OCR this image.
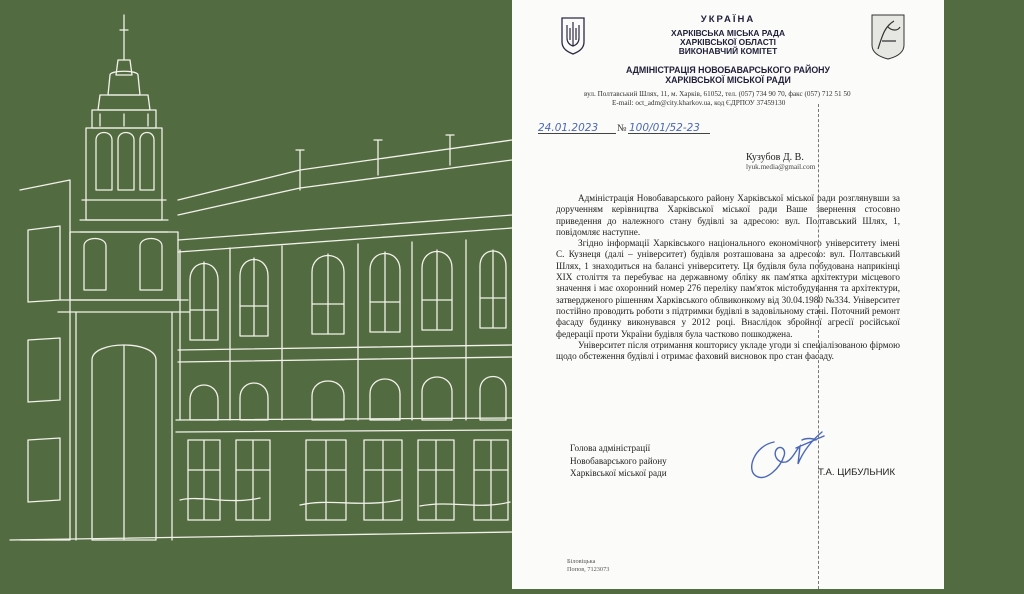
УКРАЇНА
ХАРКІВСЬКА МІСЬКА РАДА
ХАРКІВСЬКОЇ ОБЛАСТІ
ВИКОНАВЧИЙ КОМІТЕТ
АДМІНІСТРАЦІЯ НОВОБАВАРСЬКОГО РАЙОНУ
ХАРКІВСЬКОЇ МІСЬКОЇ РАДИ
вул. Полтавський Шлях, 11, м. Харків, 61052, тел. (057) 734 90 70, факс (057) 712 51 50
E-mail: oct_adm@city.kharkov.ua, код ЄДРПОУ 37459130
24.01.2023 № 100/01/52-23
Кузубов Д. В.
lyuk.media@gmail.com

Адміністрація Новобаварського району Харківської міської ради розглянувши за дорученням керівництва Харківської міської ради Ваше звернення стосовно приведення до належного стану будівлі за адресою: вул. Полтавський Шлях, 1, повідомляє наступне.

Згідно інформації Харківського національного економічного університету імені С. Кузнеця (далі – університет) будівля розташована за адресою: вул. Полтавський Шлях, 1 знаходиться на балансі університету. Ця будівля була побудована наприкінці ХІХ століття та перебуває на державному обліку як пам'ятка архітектури місцевого значення і має охоронний номер 276 переліку пам'яток містобудування та архітектури, затвердженого рішенням Харківського облвиконкому від 30.04.1980 №334. Університет постійно проводить роботи з підтримки будівлі в задовільному стані. Поточний ремонт фасаду будинку виконувався у 2012 році. Внаслідок збройної агресії російської федерації проти України будівля була частково пошкоджена.

Університет після отримання кошторису укладе угоди зі спеціалізованою фірмою щодо обстеження будівлі і отримає фаховий висновок про стан фасаду.

Голова адміністрації
Новобаварського району
Харківської міської ради	Т.А. ЦИБУЛЬНИК
Біловіцька
Попов, 7123073
